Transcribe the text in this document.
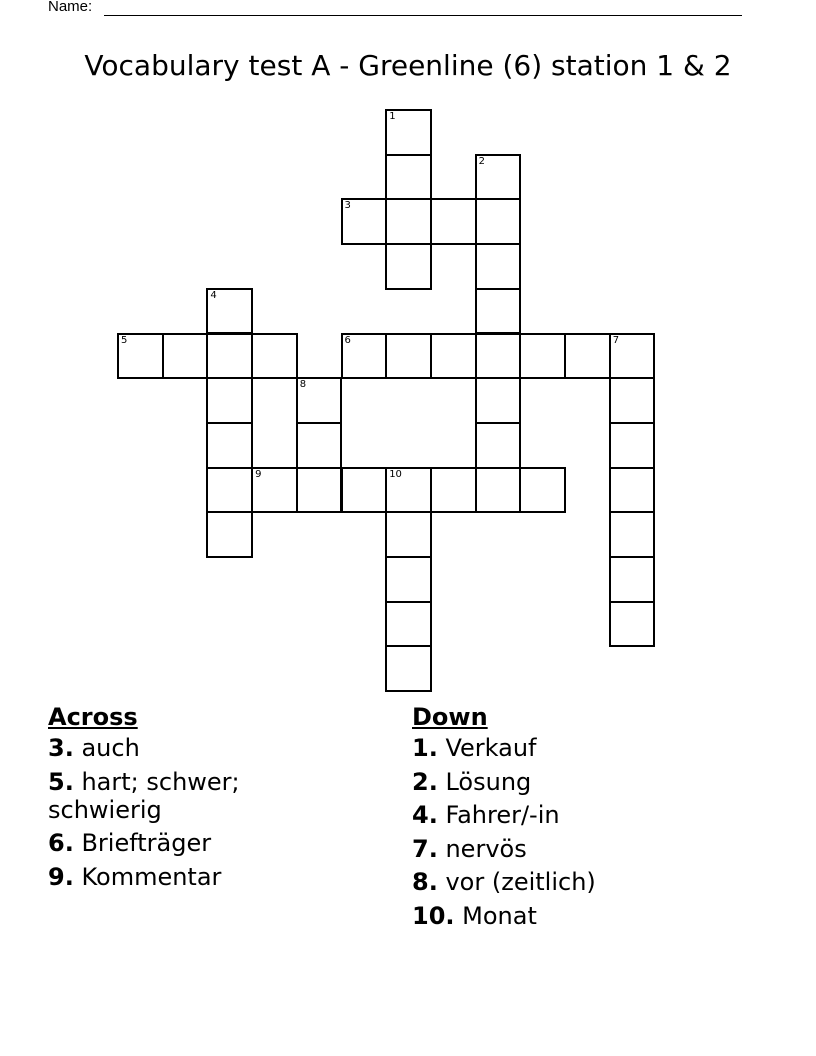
Name:
Vocabulary test A - Greenline (6) station 1 & 2
1
2
3
4
5	6	7
8
9	10
Across
3. auch
5. hart; schwer; schwierig
6. Briefträger
9. Kommentar
Down
1. Verkauf
2. Lösung
4. Fahrer/-in
7. nervös
8. vor (zeitlich)
10. Monat
